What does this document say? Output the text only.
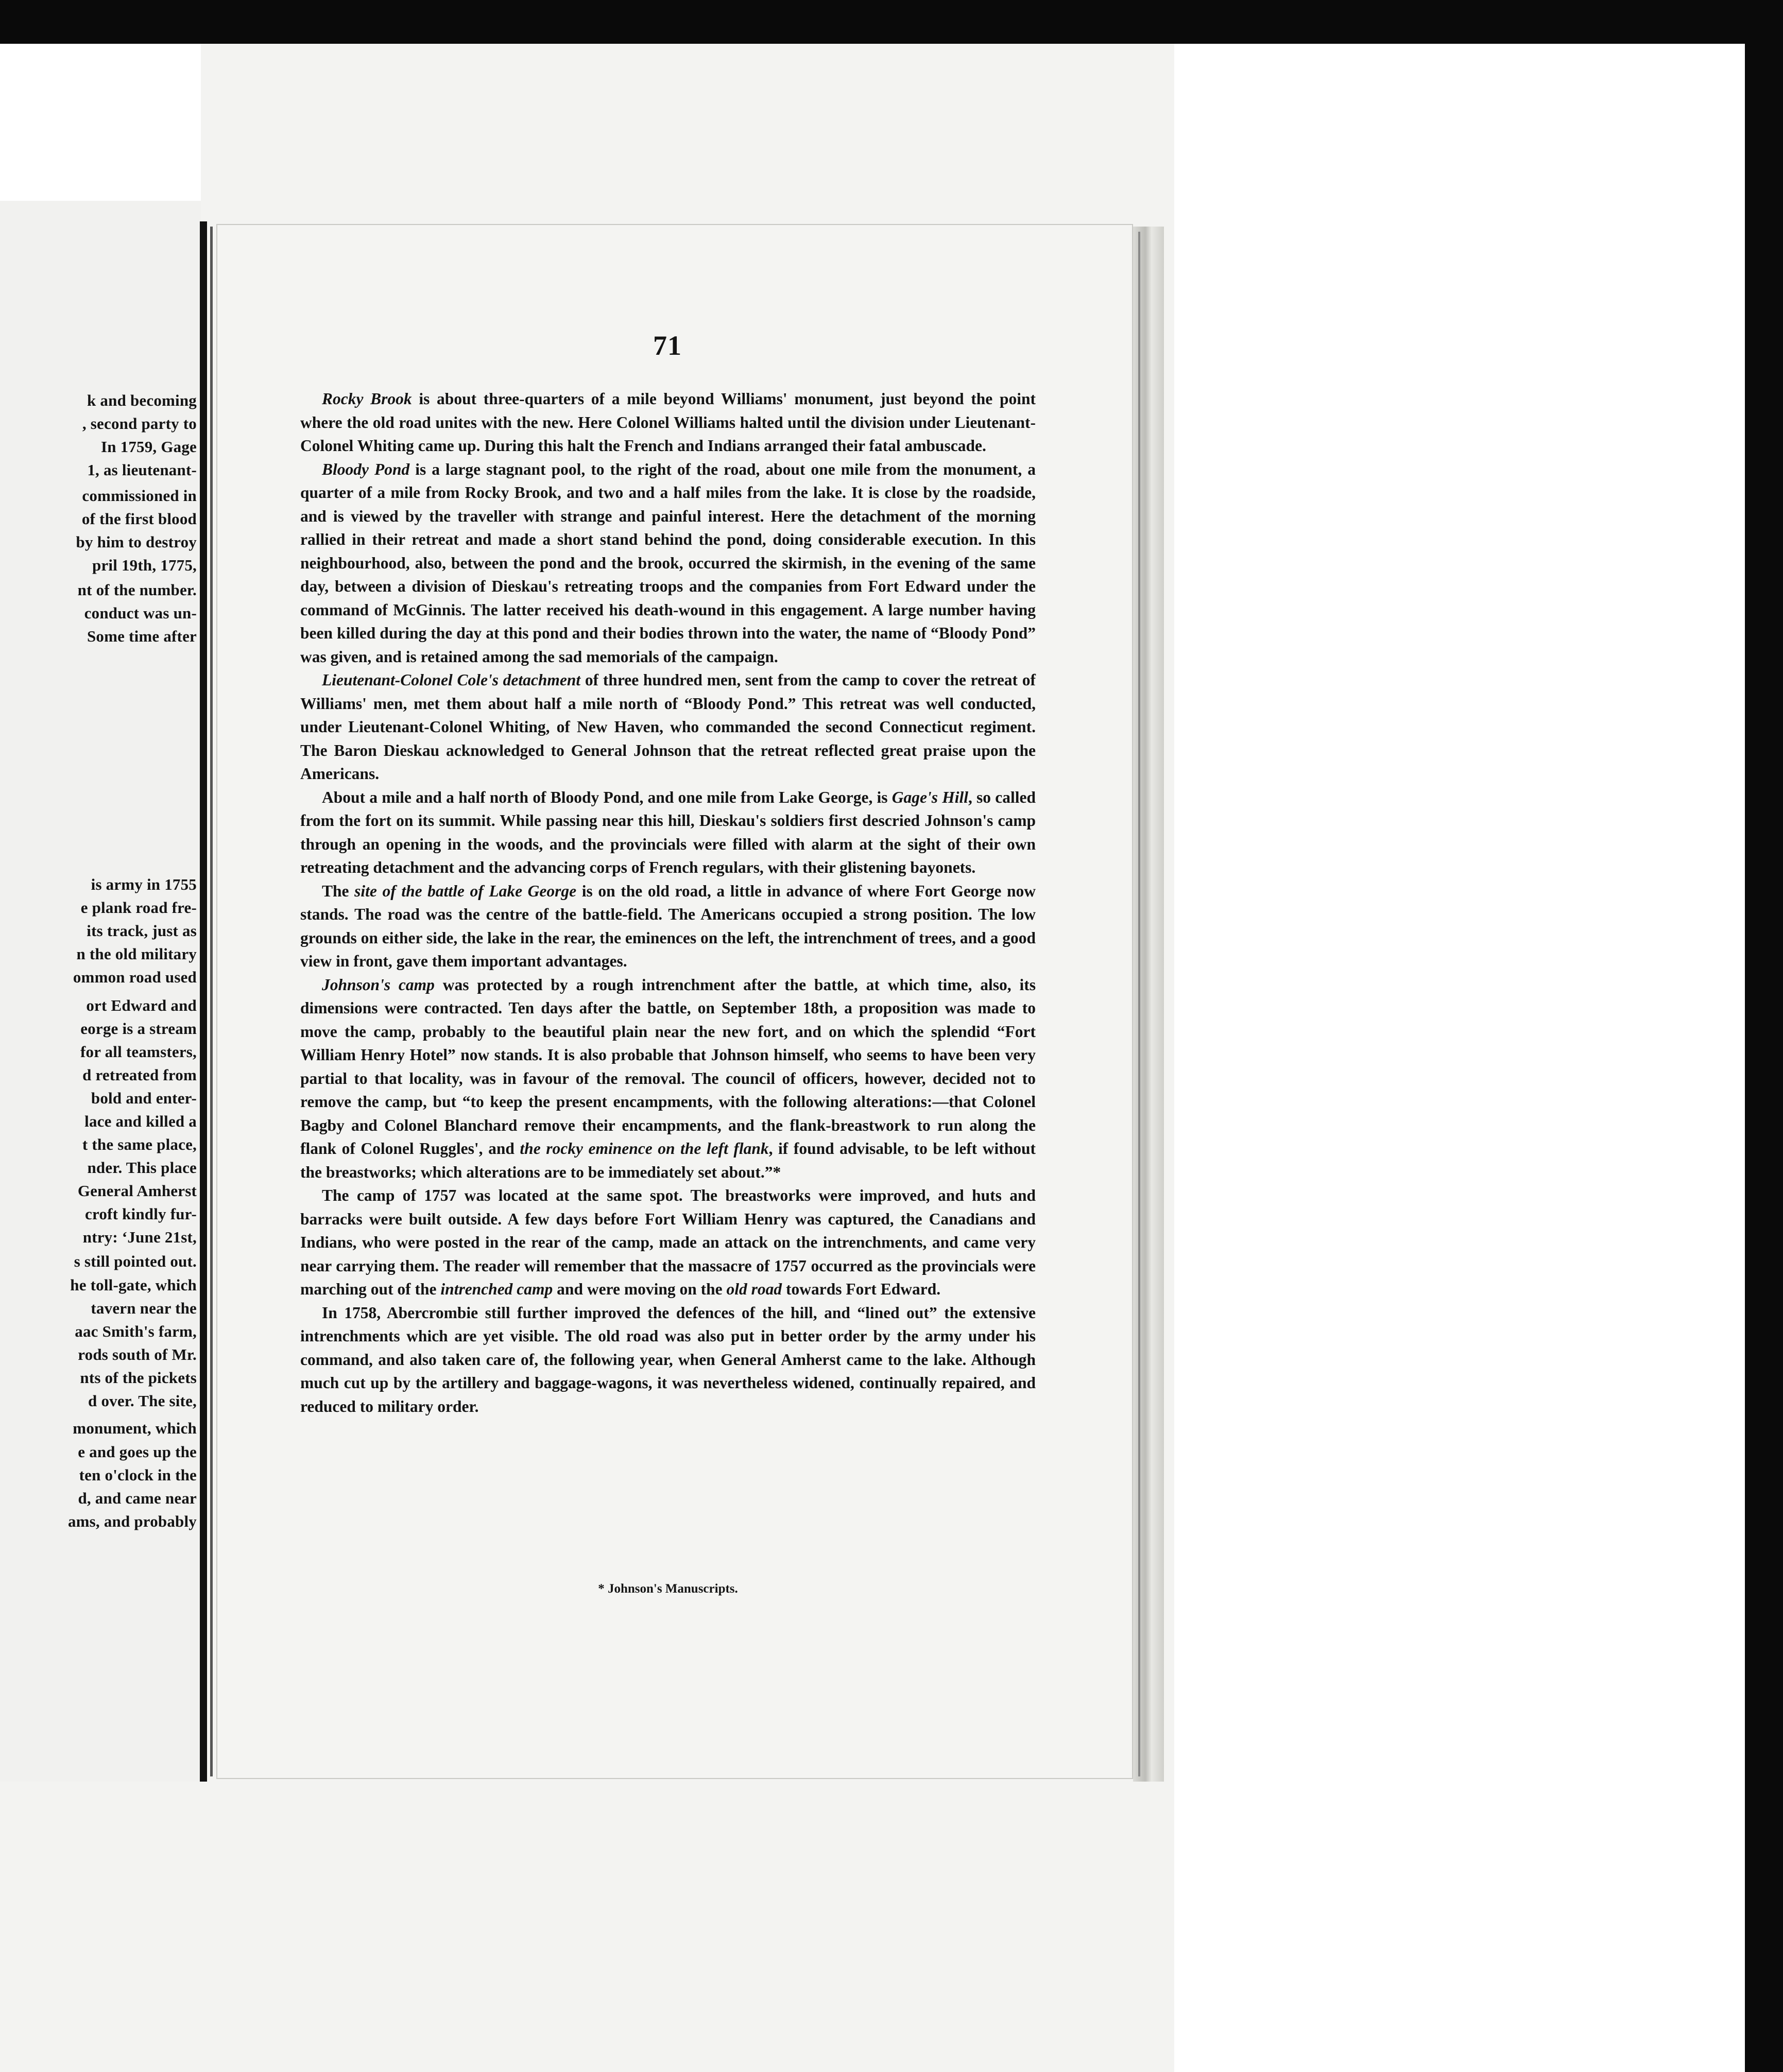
k and becoming
, second party to
In 1759, Gage
1, as lieutenant-
commissioned in
of the first blood
by him to destroy
pril 19th, 1775,
nt of the number.
conduct was un-
Some time after
is army in 1755
e plank road fre-
its track, just as
n the old military
ommon road used
ort Edward and
eorge is a stream
for all teamsters,
d retreated from
bold and enter-
lace and killed a
t the same place,
nder. This place
General Amherst
croft kindly fur-
ntry: ‘June 21st,
s still pointed out.
he toll-gate, which
tavern near the
aac Smith's farm,
rods south of Mr.
nts of the pickets
d over. The site,
monument, which
e and goes up the
ten o'clock in the
d, and came near
ams, and probably
71

Rocky Brook is about three-quarters of a mile beyond Williams' monument, just beyond the point where the old road unites with the new. Here Colonel Williams halted until the division under Lieutenant-Colonel Whiting came up. During this halt the French and Indians arranged their fatal ambuscade.

Bloody Pond is a large stagnant pool, to the right of the road, about one mile from the monument, a quarter of a mile from Rocky Brook, and two and a half miles from the lake. It is close by the roadside, and is viewed by the traveller with strange and painful interest. Here the detachment of the morning rallied in their retreat and made a short stand behind the pond, doing considerable execution. In this neighbourhood, also, between the pond and the brook, occurred the skirmish, in the evening of the same day, between a division of Dieskau's retreating troops and the companies from Fort Edward under the command of McGinnis. The latter received his death-wound in this engagement. A large number having been killed during the day at this pond and their bodies thrown into the water, the name of “Bloody Pond” was given, and is retained among the sad memorials of the campaign.

Lieutenant-Colonel Cole's detachment of three hundred men, sent from the camp to cover the retreat of Williams' men, met them about half a mile north of “Bloody Pond.” This retreat was well conducted, under Lieutenant-Colonel Whiting, of New Haven, who commanded the second Connecticut regiment. The Baron Dieskau acknowledged to General Johnson that the retreat reflected great praise upon the Americans.

About a mile and a half north of Bloody Pond, and one mile from Lake George, is Gage's Hill, so called from the fort on its summit. While passing near this hill, Dieskau's soldiers first descried Johnson's camp through an opening in the woods, and the provincials were filled with alarm at the sight of their own retreating detachment and the advancing corps of French regulars, with their glistening bayonets.

The site of the battle of Lake George is on the old road, a little in advance of where Fort George now stands. The road was the centre of the battle-field. The Americans occupied a strong position. The low grounds on either side, the lake in the rear, the eminences on the left, the intrenchment of trees, and a good view in front, gave them important advantages.

Johnson's camp was protected by a rough intrenchment after the battle, at which time, also, its dimensions were contracted. Ten days after the battle, on September 18th, a proposition was made to move the camp, probably to the beautiful plain near the new fort, and on which the splendid “Fort William Henry Hotel” now stands. It is also probable that Johnson himself, who seems to have been very partial to that locality, was in favour of the removal. The council of officers, however, decided not to remove the camp, but “to keep the present encampments, with the following alterations:—that Colonel Bagby and Colonel Blanchard remove their encampments, and the flank-breastwork to run along the flank of Colonel Ruggles', and the rocky eminence on the left flank, if found advisable, to be left without the breastworks; which alterations are to be immediately set about.”*

The camp of 1757 was located at the same spot. The breastworks were improved, and huts and barracks were built outside. A few days before Fort William Henry was captured, the Canadians and Indians, who were posted in the rear of the camp, made an attack on the intrenchments, and came very near carrying them. The reader will remember that the massacre of 1757 occurred as the provincials were marching out of the intrenched camp and were moving on the old road towards Fort Edward.

In 1758, Abercrombie still further improved the defences of the hill, and “lined out” the extensive intrenchments which are yet visible. The old road was also put in better order by the army under his command, and also taken care of, the following year, when General Amherst came to the lake. Although much cut up by the artillery and baggage-wagons, it was nevertheless widened, continually repaired, and reduced to military order.

* Johnson's Manuscripts.
